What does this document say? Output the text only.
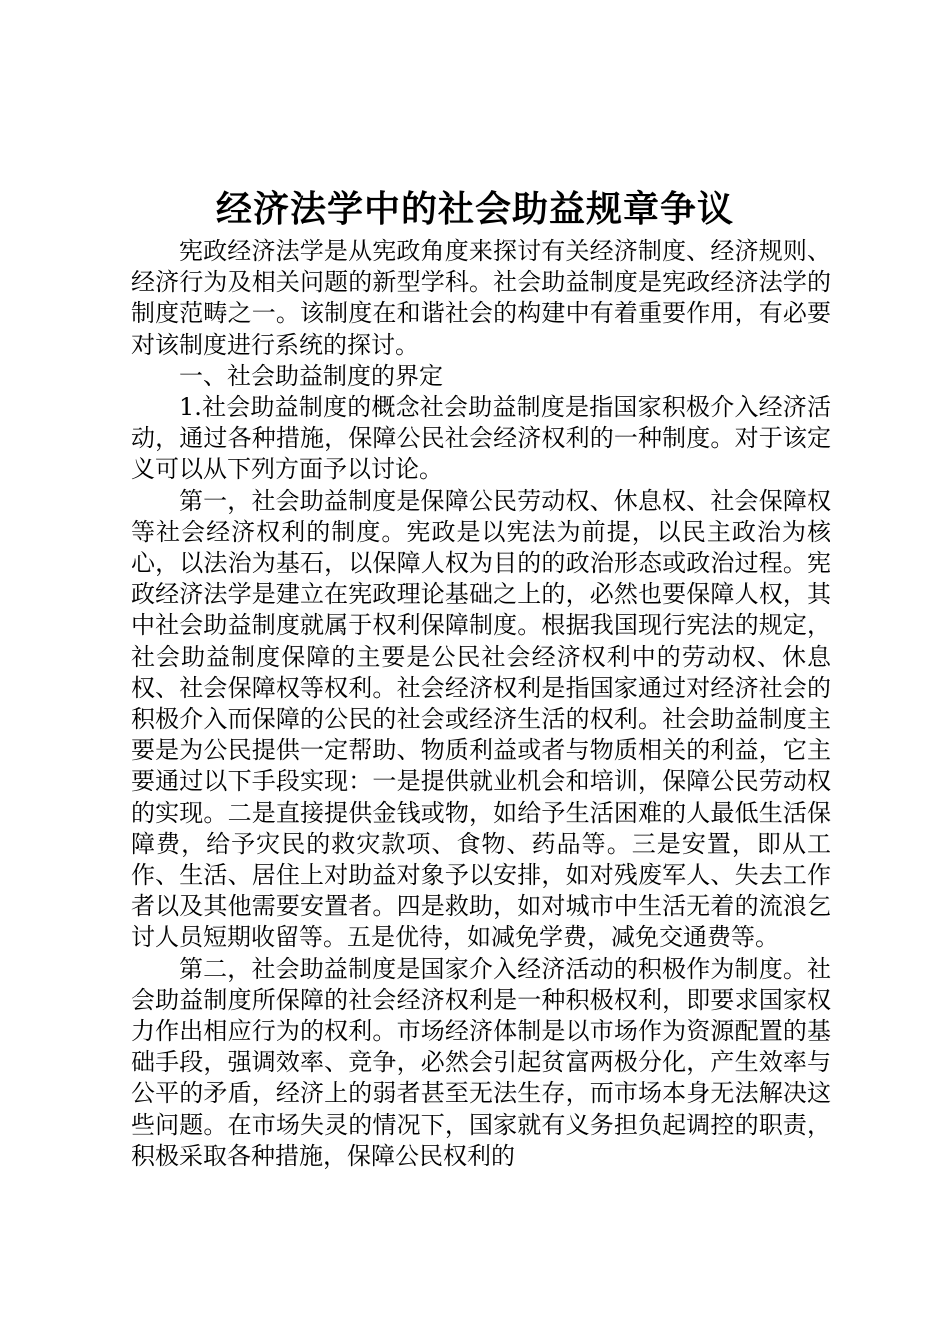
经济法学中的社会助益规章争议

宪政经济法学是从宪政角度来探讨有关经济制度、经济规则、经济行为及相关问题的新型学科。社会助益制度是宪政经济法学的制度范畴之一。该制度在和谐社会的构建中有着重要作用，有必要对该制度进行系统的探讨。

一、社会助益制度的界定

1.社会助益制度的概念社会助益制度是指国家积极介入经济活动，通过各种措施，保障公民社会经济权利的一种制度。对于该定义可以从下列方面予以讨论。

第一，社会助益制度是保障公民劳动权、休息权、社会保障权等社会经济权利的制度。宪政是以宪法为前提，以民主政治为核心，以法治为基石，以保障人权为目的的政治形态或政治过程。宪政经济法学是建立在宪政理论基础之上的，必然也要保障人权，其中社会助益制度就属于权利保障制度。根据我国现行宪法的规定，社会助益制度保障的主要是公民社会经济权利中的劳动权、休息权、社会保障权等权利。社会经济权利是指国家通过对经济社会的积极介入而保障的公民的社会或经济生活的权利。社会助益制度主要是为公民提供一定帮助、物质利益或者与物质相关的利益，它主要通过以下手段实现：一是提供就业机会和培训，保障公民劳动权的实现。二是直接提供金钱或物，如给予生活困难的人最低生活保障费，给予灾民的救灾款项、食物、药品等。三是安置，即从工作、生活、居住上对助益对象予以安排，如对残废军人、失去工作者以及其他需要安置者。四是救助，如对城市中生活无着的流浪乞讨人员短期收留等。五是优待，如减免学费，减免交通费等。

第二，社会助益制度是国家介入经济活动的积极作为制度。社会助益制度所保障的社会经济权利是一种积极权利，即要求国家权力作出相应行为的权利。市场经济体制是以市场作为资源配置的基础手段，强调效率、竞争，必然会引起贫富两极分化，产生效率与公平的矛盾，经济上的弱者甚至无法生存，而市场本身无法解决这些问题。在市场失灵的情况下，国家就有义务担负起调控的职责，积极采取各种措施，保障公民权利的
